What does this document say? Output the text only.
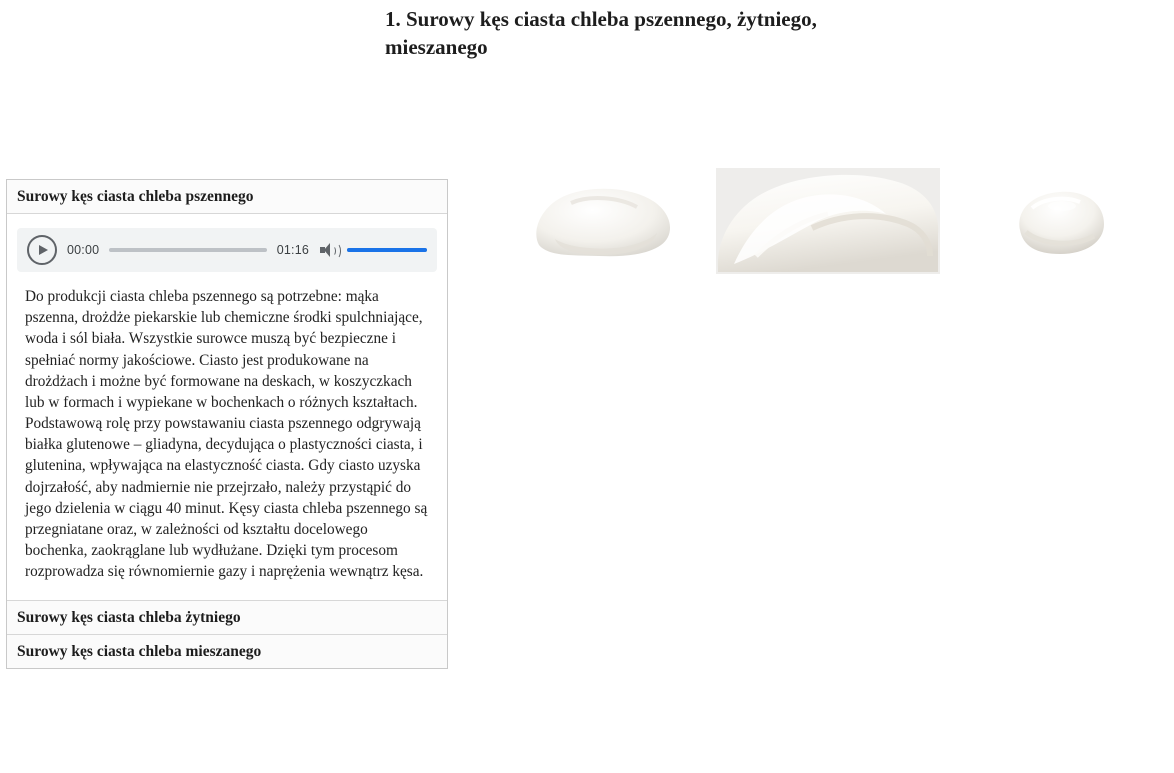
1. Surowy kęs ciasta chleba pszennego, żytniego, mieszanego
Surowy kęs ciasta chleba pszennego
00:00	01:16
Do produkcji ciasta chleba pszennego są potrzebne: mąka pszenna, drożdże piekarskie lub chemiczne środki spulchniające, woda i sól biała. Wszystkie surowce muszą być bezpieczne i spełniać normy jakościowe. Ciasto jest produkowane na drożdżach i możne być formowane na deskach, w koszyczkach lub w formach i wypiekane w bochenkach o różnych kształtach. Podstawową rolę przy powstawaniu ciasta pszennego odgrywają białka glutenowe – gliadyna, decydująca o plastyczności ciasta, i glutenina, wpływająca na elastyczność ciasta. Gdy ciasto uzyska dojrzałość, aby nadmiernie nie przejrzało, należy przystąpić do jego dzielenia w ciągu 40 minut. Kęsy ciasta chleba pszennego są przegniatane oraz, w zależności od kształtu docelowego bochenka, zaokrąglane lub wydłużane. Dzięki tym procesom rozprowadza się równomiernie gazy i naprężenia wewnątrz kęsa.
Surowy kęs ciasta chleba żytniego
Surowy kęs ciasta chleba mieszanego
